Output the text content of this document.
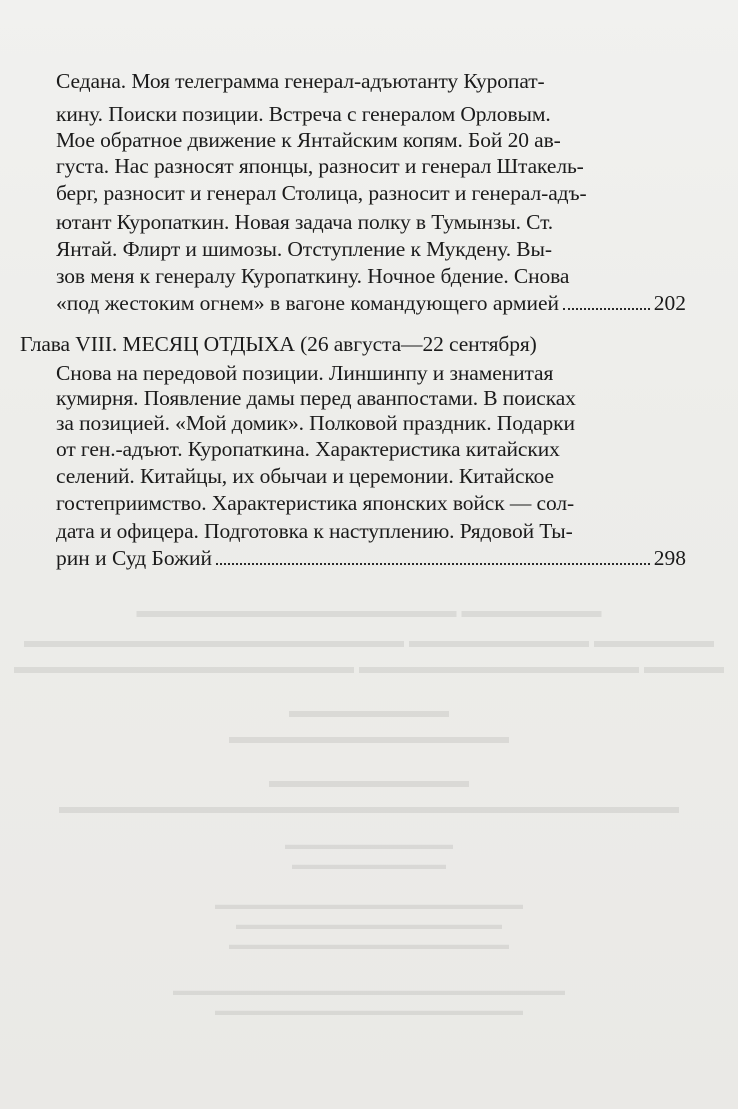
▬▬▬▬▬▬▬ ▬▬▬▬▬▬▬▬▬▬▬▬▬▬▬▬
▬▬▬▬▬▬ ▬▬▬▬▬▬▬▬▬ ▬▬▬▬▬▬▬▬▬▬▬▬▬▬▬▬▬▬▬
▬▬▬▬ ▬▬▬▬▬▬▬▬▬▬▬▬▬▬ ▬▬▬▬▬▬▬▬▬▬▬▬▬▬▬▬▬
▬▬▬▬▬▬▬▬
▬▬▬▬▬▬▬▬▬▬▬▬▬▬
▬▬▬▬▬▬▬▬▬▬
▬▬▬▬▬▬▬▬▬▬▬▬▬▬▬▬▬▬▬▬▬▬▬▬▬▬▬▬▬▬▬
▬▬▬▬▬▬▬▬▬▬▬▬
▬▬▬▬▬▬▬▬▬▬▬
▬▬▬▬▬▬▬▬▬▬▬▬▬▬▬▬▬▬▬▬▬▬
▬▬▬▬▬▬▬▬▬▬▬▬▬▬▬▬▬▬▬
▬▬▬▬▬▬▬▬▬▬▬▬▬▬▬▬▬▬▬▬
▬▬▬▬▬▬▬▬▬▬▬▬▬▬▬▬▬▬▬▬▬▬▬▬▬▬▬▬
▬▬▬▬▬▬▬▬▬▬▬▬▬▬▬▬▬▬▬▬▬▬
Седана. Моя телеграмма генерал-адъютанту Куропат-
кину. Поиски позиции. Встреча с генералом Орловым.
Мое обратное движение к Янтайским копям. Бой 20 ав-
густа. Нас разносят японцы, разносит и генерал Штакель-
берг, разносит и генерал Столица, разносит и генерал-адъ-
ютант Куропаткин. Новая задача полку в Тумынзы. Ст.
Янтай. Флирт и шимозы. Отступление к Мукдену. Вы-
зов меня к генералу Куропаткину. Ночное бдение. Снова
«под жестоким огнем» в вагоне командующего армией	202
Глава VIII. МЕСЯЦ ОТДЫХА (26 августа—22 сентября)
Снова на передовой позиции. Линшинпу и знаменитая
кумирня. Появление дамы перед аванпостами. В поисках
за позицией. «Мой домик». Полковой праздник. Подарки
от ген.-адъют. Куропаткина. Характеристика китайских
селений. Китайцы, их обычаи и церемонии. Китайское
гостеприимство. Характеристика японских войск — сол-
дата и офицера. Подготовка к наступлению. Рядовой Ты-
рин и Суд Божий	298
